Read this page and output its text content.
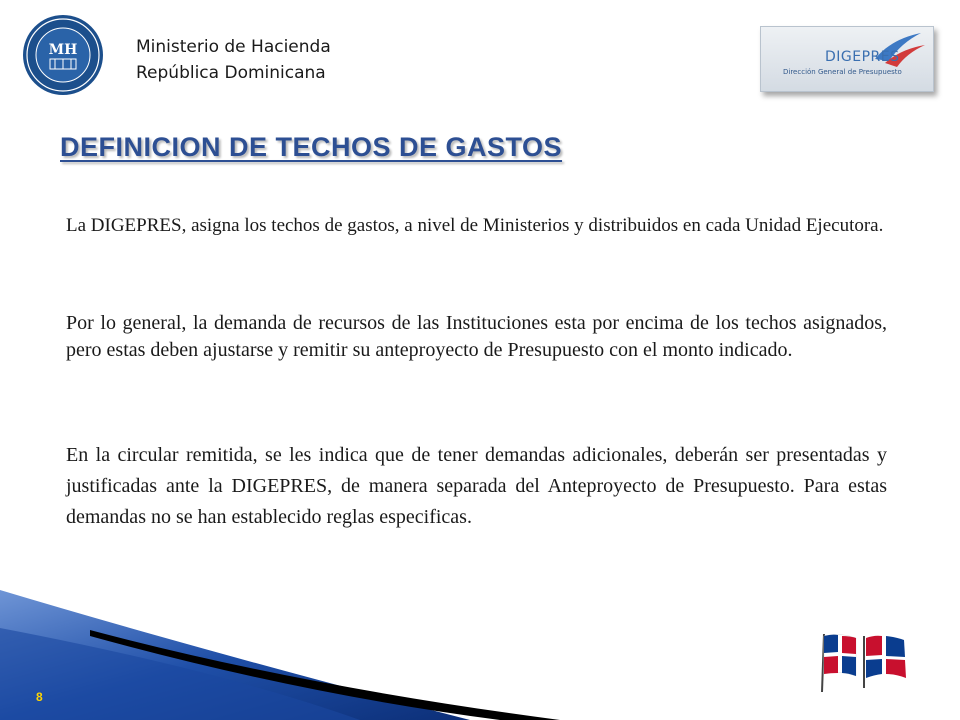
MH	Ministerio de Hacienda
República Dominicana
DIGEPRES
Dirección General de Presupuesto
DEFINICION DE TECHOS DE GASTOS

La DIGEPRES, asigna los techos de gastos, a nivel de Ministerios y distribuidos en cada Unidad Ejecutora.

Por lo general, la demanda de recursos de las Instituciones esta por encima de los techos asignados, pero estas deben ajustarse y remitir su anteproyecto de Presupuesto con el monto indicado.

En la circular remitida, se les indica que de tener demandas adicionales, deberán ser presentadas y justificadas ante la DIGEPRES, de manera separada del Anteproyecto de Presupuesto. Para estas demandas no se han establecido reglas especificas.

8
